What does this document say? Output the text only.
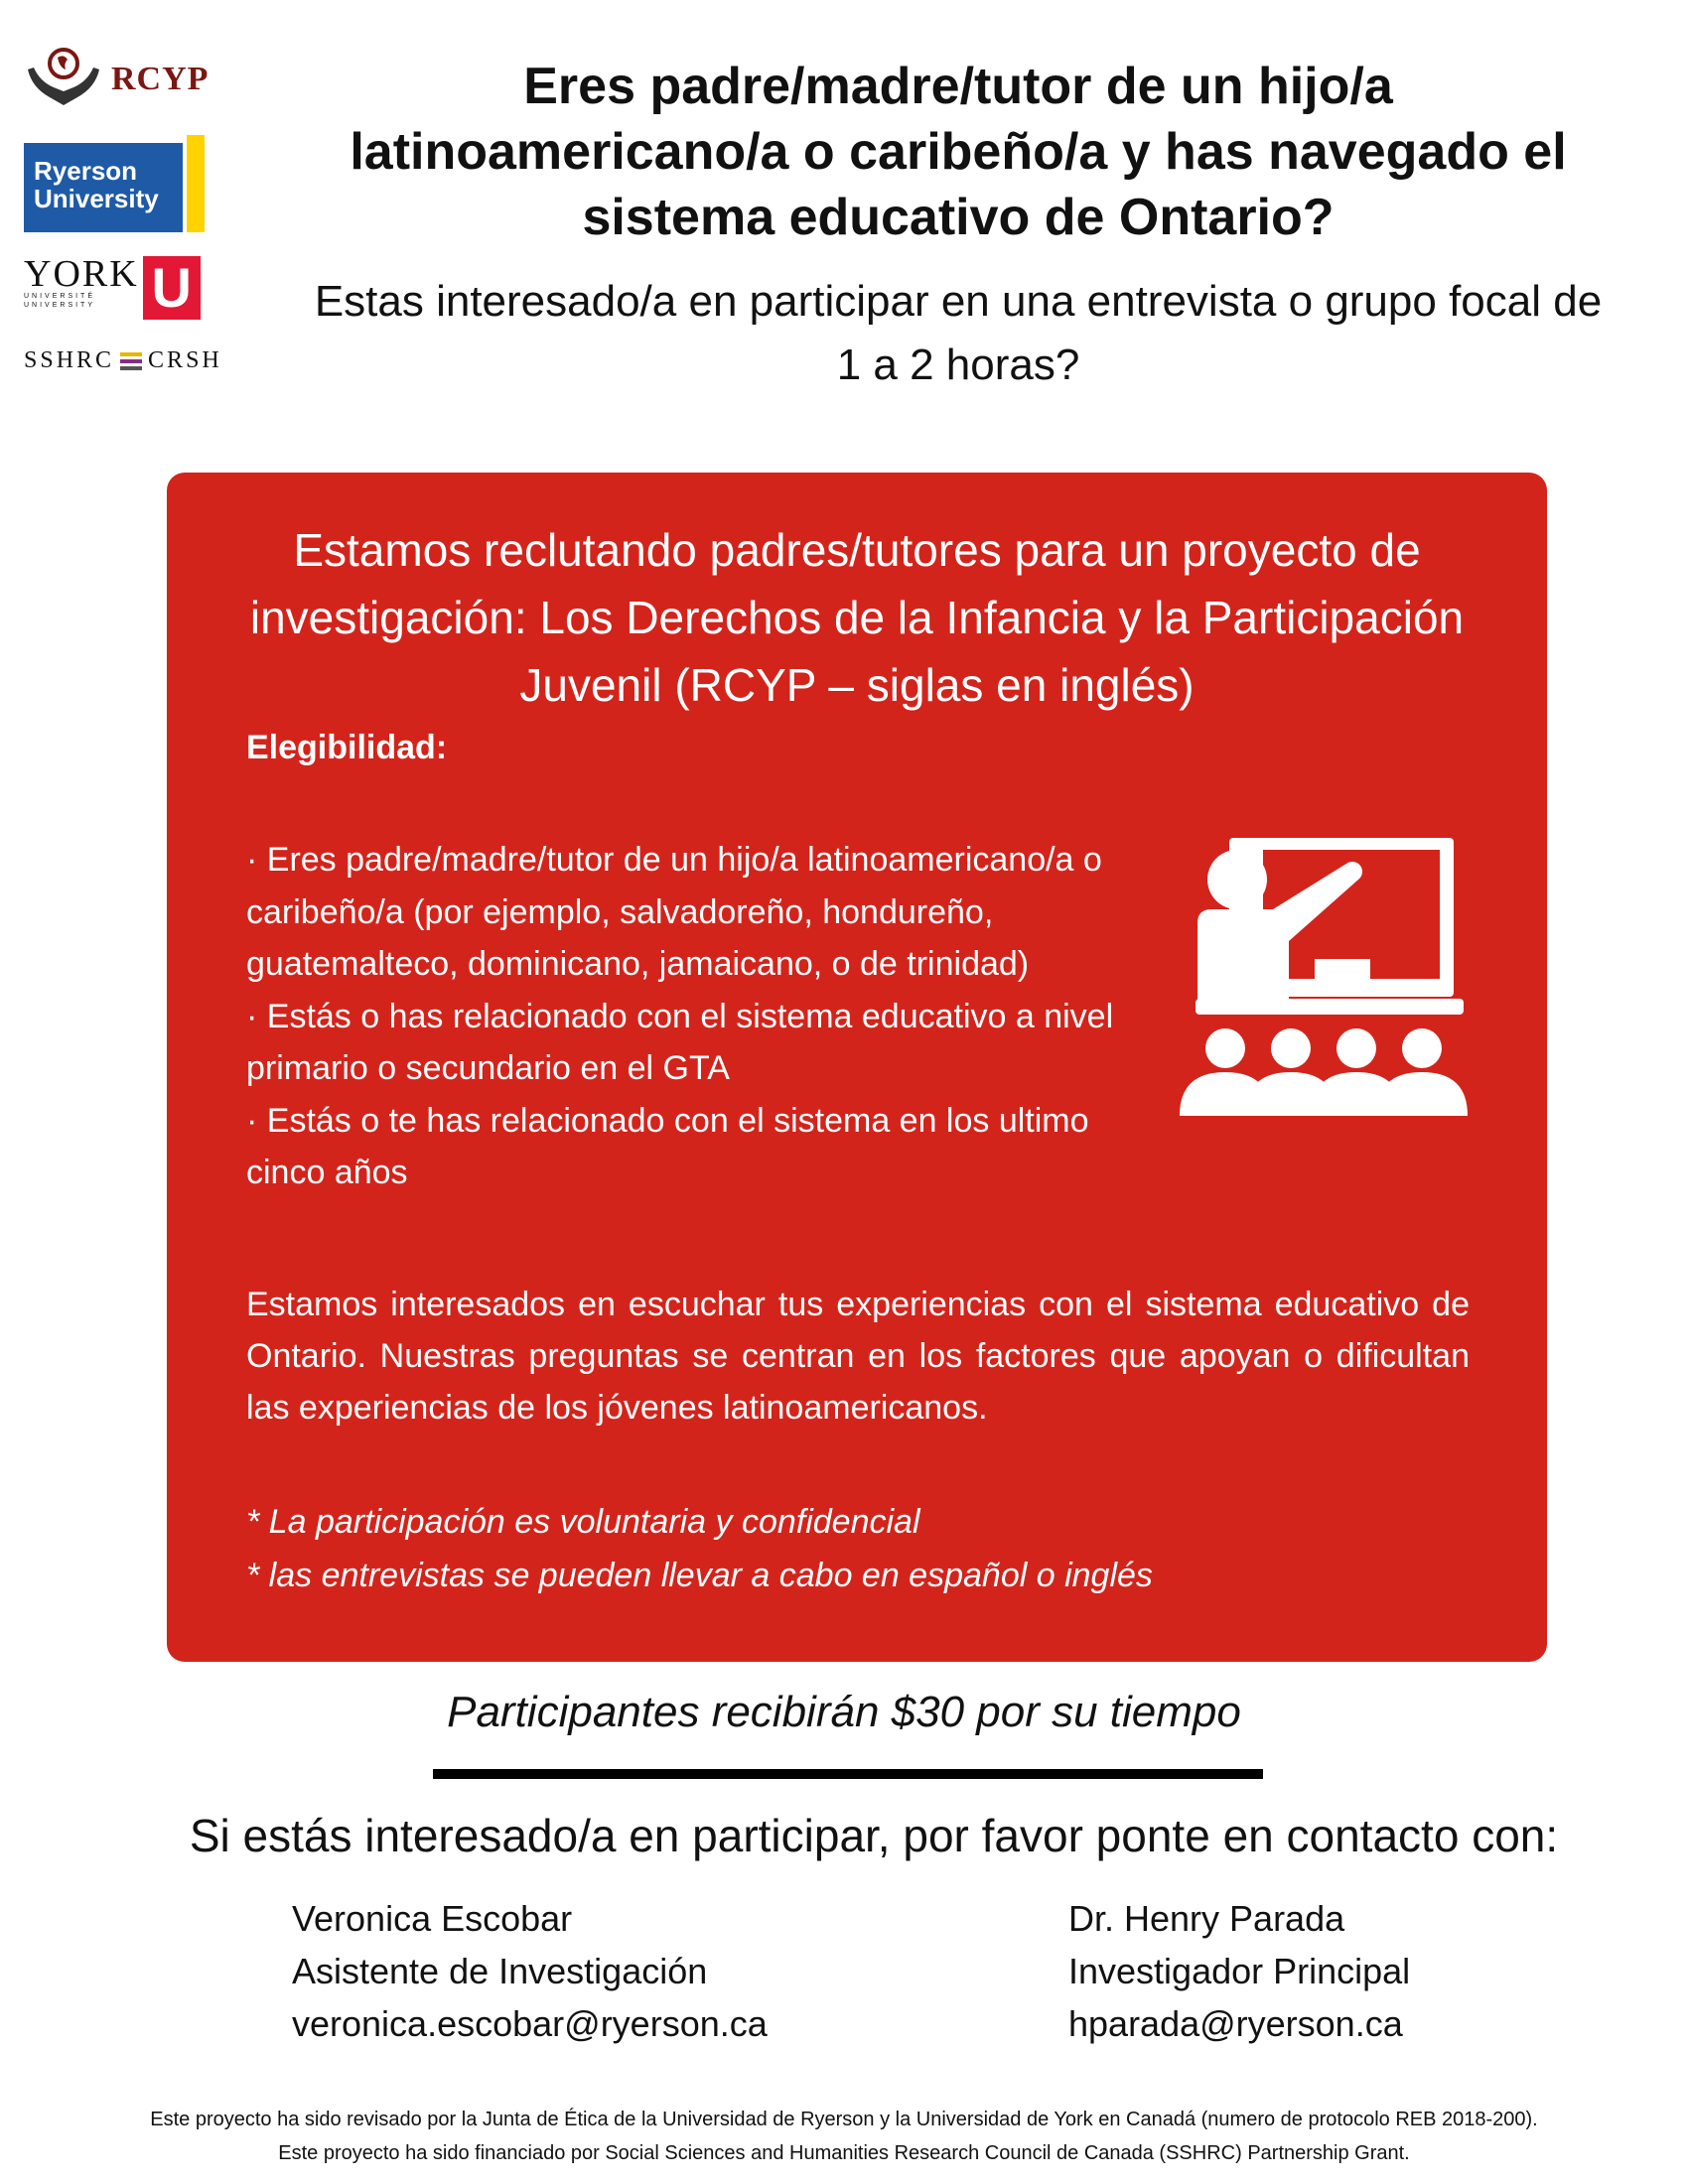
RCYP
Ryerson
University
YORK
UNIVERSITÉ
UNIVERSITY	U
SSHRC CRSH
Eres padre/madre/tutor de un hijo/a latinoamericano/a o caribeño/a y has navegado el sistema educativo de Ontario?

Estas interesado/a en participar en una entrevista o grupo focal de 1 a 2 horas?

Estamos reclutando padres/tutores para un proyecto de investigación: Los Derechos de la Infancia y la Participación Juvenil (RCYP – siglas en inglés)

Elegibilidad:

· Eres padre/madre/tutor de un hijo/a latinoamericano/a o caribeño/a (por ejemplo, salvadoreño, hondureño, guatemalteco, dominicano, jamaicano, o de trinidad)
· Estás o has relacionado con el sistema educativo a nivel primario o secundario en el GTA
· Estás o te has relacionado con el sistema en los ultimo cinco años

Estamos interesados en escuchar tus experiencias con el sistema educativo de Ontario. Nuestras preguntas se centran en los factores que apoyan o dificultan las experiencias de los jóvenes latinoamericanos.

* La participación es voluntaria y confidencial
* las entrevistas se pueden llevar a cabo en español o inglés

Participantes recibirán $30 por su tiempo

Si estás interesado/a en participar, por favor ponte en contacto con:

Veronica Escobar
Asistente de Investigación
veronica.escobar@ryerson.ca
Dr. Henry Parada
Investigador Principal
hparada@ryerson.ca
Este proyecto ha sido revisado por la Junta de Ética de la Universidad de Ryerson y la Universidad de York en Canadá (numero de protocolo REB 2018-200).
Este proyecto ha sido financiado por Social Sciences and Humanities Research Council de Canada (SSHRC) Partnership Grant.
